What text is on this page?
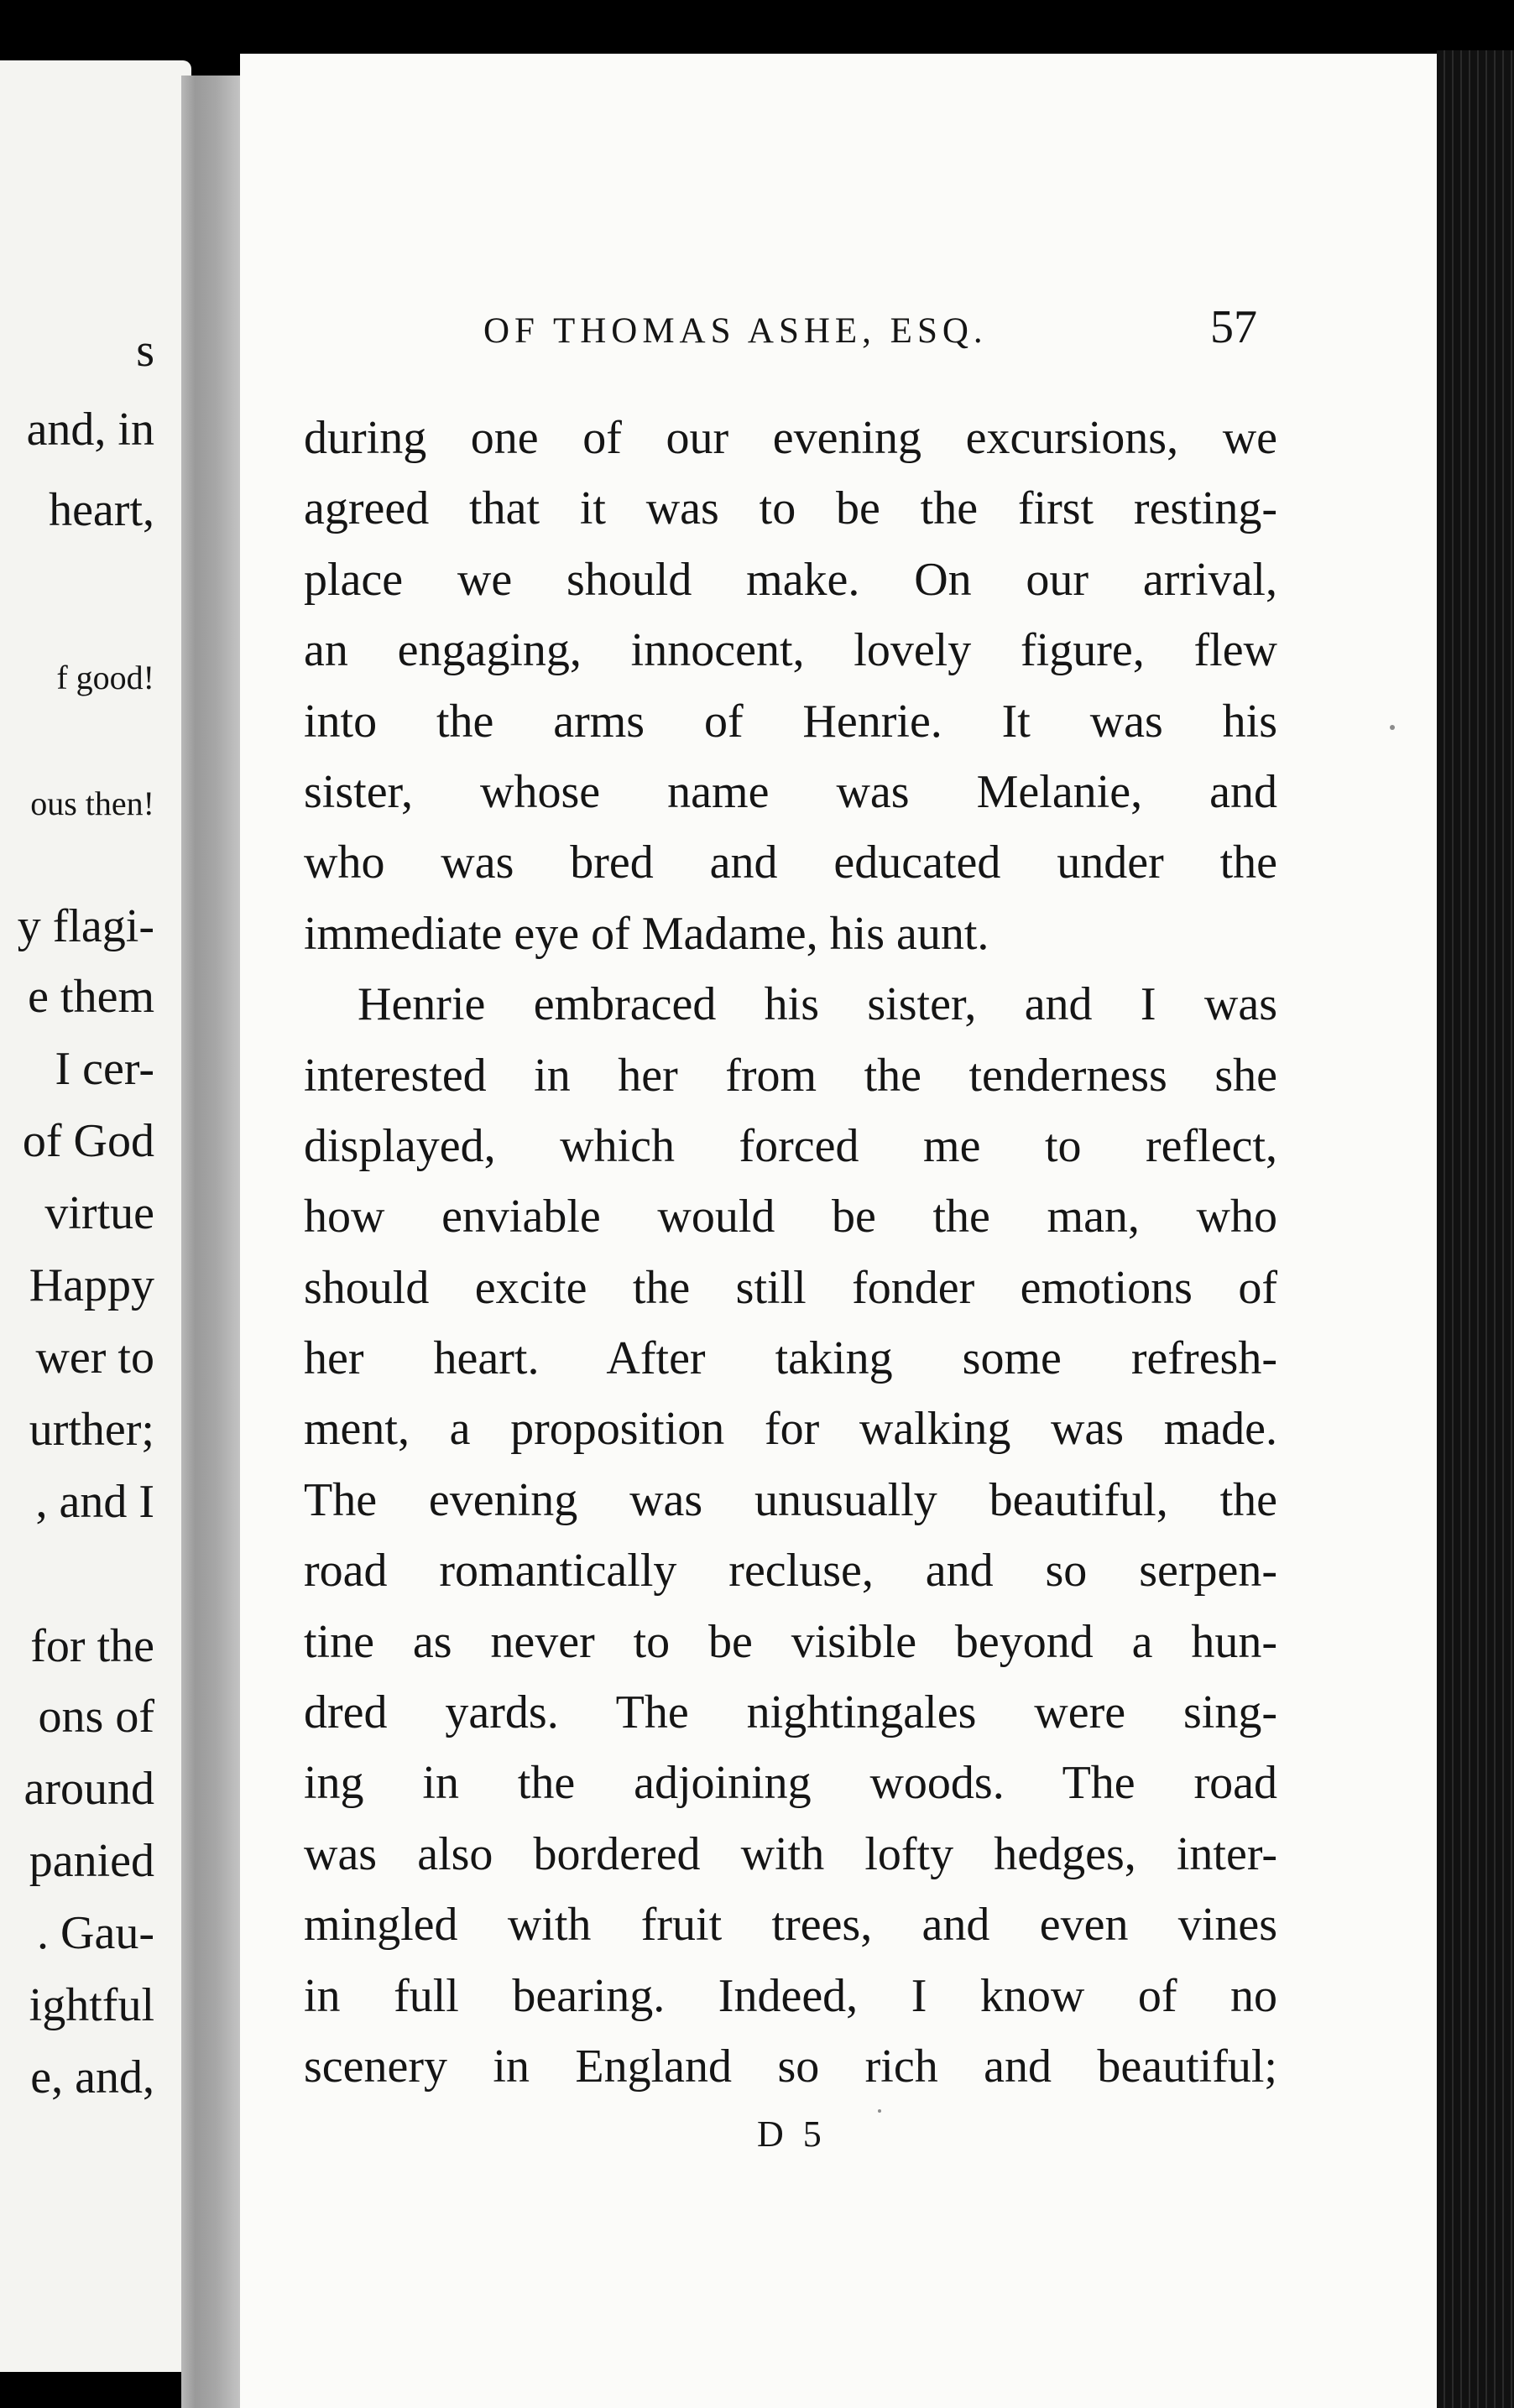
s
and, in
heart,
f good!
ous then!
y flagi-
e them
I cer-
of God
virtue
Happy
wer to
urther;
, and I
for the
ons of
around
panied
. Gau-
ightful
e, and,
OF THOMAS ASHE, ESQ.	57
during one of our evening excursions, we
agreed that it was to be the first resting-
place we should make. On our arrival,
an engaging, innocent, lovely figure, flew
into the arms of Henrie. It was his
sister, whose name was Melanie, and
who was bred and educated under the
immediate eye of Madame, his aunt.
Henrie embraced his sister, and I was
interested in her from the tenderness she
displayed, which forced me to reflect,
how enviable would be the man, who
should excite the still fonder emotions of
her heart. After taking some refresh-
ment, a proposition for walking was made.
The evening was unusually beautiful, the
road romantically recluse, and so serpen-
tine as never to be visible beyond a hun-
dred yards. The nightingales were sing-
ing in the adjoining woods. The road
was also bordered with lofty hedges, inter-
mingled with fruit trees, and even vines
in full bearing. Indeed, I know of no
scenery in England so rich and beautiful;
D 5
